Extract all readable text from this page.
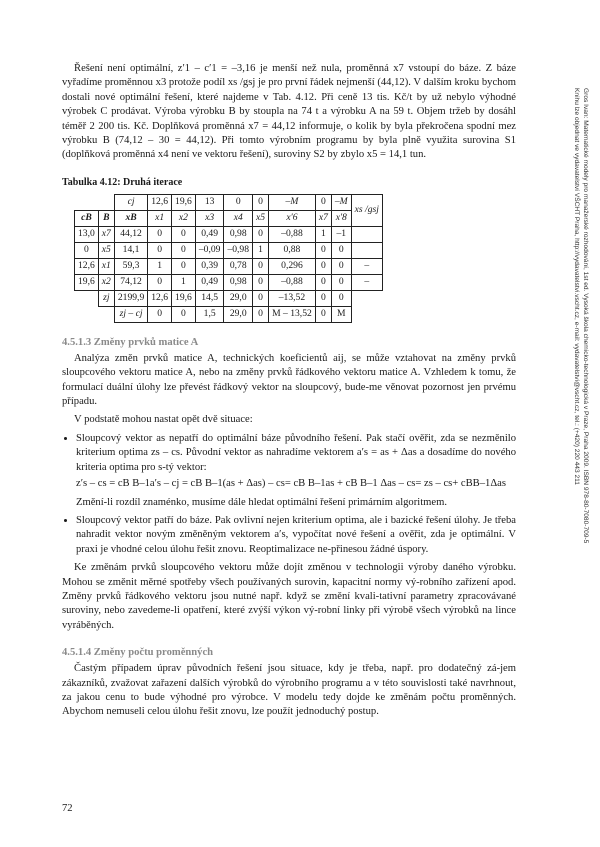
Gros Ivan: Matematické modely pro manažerské rozhodování, 1st ed. Vysoká škola chemicko-technologická v Praze, Praha 2009. ISBN 978-80-7080-709-5
Knihu lze objednat ve vydavatelství VŠCHT Praha, http://vydavatelstvi.vscht.cz, e-mail: vydavatelstvi@vscht.cz, tel.: (+420) 220 443 211

Řešení není optimální, z′1 – c′1 = –3,16 je menší než nula, proměnná x7 vstoupí do báze. Z báze vyřadíme proměnnou x3 protože podíl xs /gsj je pro první řádek nejmenší (44,12). V dalším kroku bychom dostali nové optimální řešení, které najdeme v Tab. 4.12. Při ceně 13 tis. Kč/t by už nebylo výhodné výrobek C prodávat. Výroba výrobku B by stoupla na 74 t a výrobku A na 59 t. Objem tržeb by dosáhl téměř 2 200 tis. Kč. Doplňková proměnná x7 = 44,12 informuje, o kolik by byla překročena spodní mez výrobku B (74,12 – 30 = 44,12). Při tomto výrobním programu by byla plně využita surovina S1 (doplňková proměnná x4 není ve vektoru řešení), suroviny S2 by zbylo x5 = 14,1 tun.

Tabulka 4.12: Druhá iterace
		cj	12,6	19,6	13	0	0	–M	0	–M	xs /gsj
cB	B	xB	x1	x2	x3	x4	x5	x′6	x7	x′8	
13,0	x7	44,12	0	0	0,49	0,98	0	–0,88	1	–1	
0	x5	14,1	0	0	–0,09	–0,98	1	0,88	0	0	
12,6	x1	59,3	1	0	0,39	0,78	0	0,296	0	0	–
19,6	x2	74,12	0	1	0,49	0,98	0	–0,88	0	0	–
	zj	2199,9	12,6	19,6	14,5	29,0	0	–13,52	0	0	
		zj – cj	0	0	1,5	29,0	0	M – 13,52	0	M	
4.5.1.3 Změny prvků matice A

Analýza změn prvků matice A, technických koeficientů aij, se může vztahovat na změny prvků sloupcového vektoru matice A, nebo na změny prvků řádkového vektoru matice A. Vzhledem k tomu, že formulací duální úlohy lze převést řádkový vektor na sloupcový, bude-me věnovat pozornost jen prvému případu.

V podstatě mohou nastat opět dvě situace:

• Sloupcový vektor as nepatří do optimální báze původního řešení. Pak stačí ověřit, zda se nezměnilo kriterium optima zs – cs. Původní vektor as nahradíme vektorem a′s = as + Δas a dosadíme do nového kriteria optima pro s-tý vektor:
z′s – cs = cB B–1a′s – cj = cB B–1(as + Δas) – cs= cB B–1as + cB B–1 Δas – cs= zs – cs+ cBB–1Δas
Změní-li rozdíl znaménko, musíme dále hledat optimální řešení primárním algoritmem.
• Sloupcový vektor patří do báze. Pak ovlivní nejen kriterium optima, ale i bazické řešení úlohy. Je třeba nahradit vektor novým změněným vektorem a′s, vypočítat nové řešení a ověřit, zda je optimální. V praxi je vhodné celou úlohu řešit znovu. Reoptimalizace ne-přinesou žádné úspory.

Ke změnám prvků sloupcového vektoru může dojít změnou v technologii výroby daného výrobku. Mohou se změnit měrné spotřeby všech používaných surovin, kapacitní normy vý-robního zařízení apod. Změny prvků řádkového vektoru jsou nutné např. když se změní kvali-tativní parametry zpracovávané suroviny, nebo zavedeme-li opatření, které zvýší výkon vý-robní linky při výrobě všech výrobků na lince vyráběných.

4.5.1.4 Změny počtu proměnných

Častým případem úprav původních řešení jsou situace, kdy je třeba, např. pro dodatečný zá-jem zákazníků, zvažovat zařazení dalších výrobků do výrobního programu a v této souvislosti také navrhnout, za jakou cenu to bude výhodné pro výrobce. V modelu tedy dojde ke změnám počtu proměnných. Abychom nemuseli celou úlohu řešit znovu, lze použít jednoduchý postup.

72
